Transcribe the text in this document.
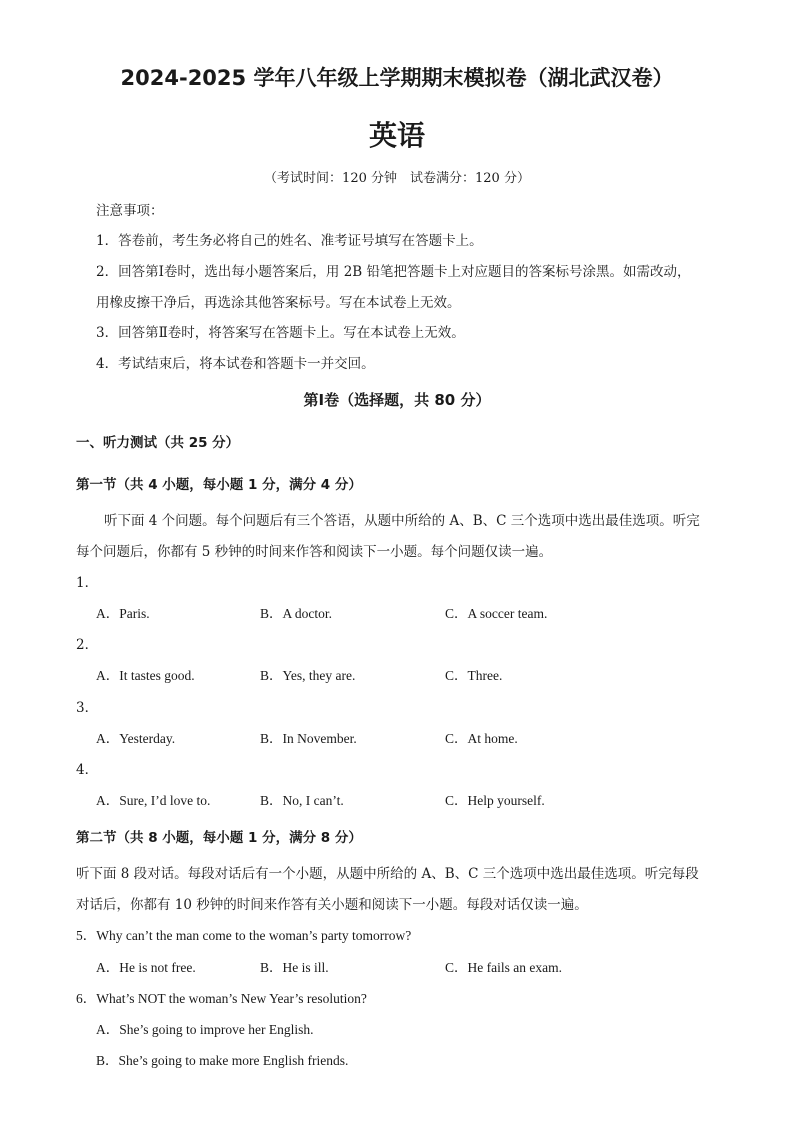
2024-2025 学年八年级上学期期末模拟卷（湖北武汉卷）
英语
（考试时间：120 分钟　试卷满分：120 分）
注意事项：
1．答卷前，考生务必将自己的姓名、准考证号填写在答题卡上。
2．回答第Ⅰ卷时，选出每小题答案后，用 2B 铅笔把答题卡上对应题目的答案标号涂黑。如需改动，
用橡皮擦干净后，再选涂其他答案标号。写在本试卷上无效。
3．回答第Ⅱ卷时，将答案写在答题卡上。写在本试卷上无效。
4．考试结束后，将本试卷和答题卡一并交回。
第Ⅰ卷（选择题，共 80 分）
一、听力测试（共 25 分）
第一节（共 4 小题，每小题 1 分，满分 4 分）
听下面 4 个问题。每个问题后有三个答语，从题中所给的 A、B、C 三个选项中选出最佳选项。听完
每个问题后，你都有 5 秒钟的时间来作答和阅读下一小题。每个问题仅读一遍。
1．
A．Paris.	B．A doctor.	C．A soccer team.
2．
A．It tastes good.	B．Yes, they are.	C．Three.
3．
A．Yesterday.	B．In November.	C．At home.
4．
A．Sure, I’d love to.	B．No, I can’t.	C．Help yourself.
第二节（共 8 小题，每小题 1 分，满分 8 分）
听下面 8 段对话。每段对话后有一个小题，从题中所给的 A、B、C 三个选项中选出最佳选项。听完每段
对话后，你都有 10 秒钟的时间来作答有关小题和阅读下一小题。每段对话仅读一遍。
5．Why can’t the man come to the woman’s party tomorrow?
A．He is not free.	B．He is ill.	C．He fails an exam.
6．What’s NOT the woman’s New Year’s resolution?
A．She’s going to improve her English.
B．She’s going to make more English friends.
